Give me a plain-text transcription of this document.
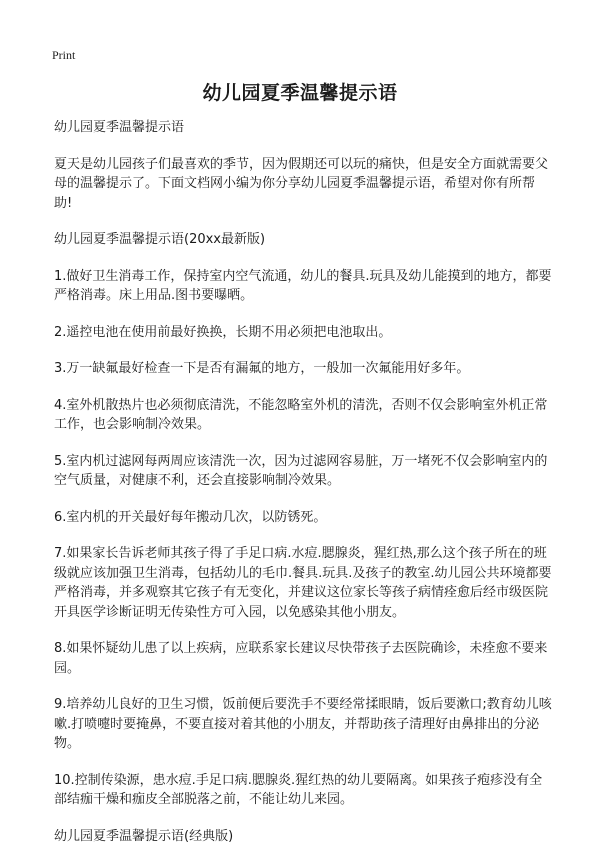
Print
幼儿园夏季温馨提示语

幼儿园夏季温馨提示语

夏天是幼儿园孩子们最喜欢的季节，因为假期还可以玩的痛快，但是安全方面就需要父母的温馨提示了。下面文档网小编为你分享幼儿园夏季温馨提示语，希望对你有所帮助!

幼儿园夏季温馨提示语(20xx最新版)

1.做好卫生消毒工作，保持室内空气流通，幼儿的餐具.玩具及幼儿能摸到的地方，都要严格消毒。床上用品.图书要曝晒。

2.遥控电池在使用前最好换换，长期不用必须把电池取出。

3.万一缺氟最好检查一下是否有漏氟的地方，一般加一次氟能用好多年。

4.室外机散热片也必须彻底清洗，不能忽略室外机的清洗，否则不仅会影响室外机正常工作，也会影响制冷效果。

5.室内机过滤网每两周应该清洗一次，因为过滤网容易脏，万一堵死不仅会影响室内的空气质量，对健康不利，还会直接影响制冷效果。

6.室内机的开关最好每年搬动几次，以防锈死。

7.如果家长告诉老师其孩子得了手足口病.水痘.腮腺炎，猩红热,那么这个孩子所在的班级就应该加强卫生消毒，包括幼儿的毛巾.餐具.玩具.及孩子的教室.幼儿园公共环境都要严格消毒，并多观察其它孩子有无变化，并建议这位家长等孩子病情痊愈后经市级医院开具医学诊断证明无传染性方可入园，以免感染其他小朋友。

8.如果怀疑幼儿患了以上疾病，应联系家长建议尽快带孩子去医院确诊，未痊愈不要来园。

9.培养幼儿良好的卫生习惯，饭前便后要洗手不要经常揉眼睛，饭后要漱口;教育幼儿咳嗽.打喷嚏时要掩鼻，不要直接对着其他的小朋友，并帮助孩子清理好由鼻排出的分泌物。

10.控制传染源，患水痘.手足口病.腮腺炎.猩红热的幼儿要隔离。如果孩子疱疹没有全部结痂干燥和痂皮全部脱落之前，不能让幼儿来园。

幼儿园夏季温馨提示语(经典版)
